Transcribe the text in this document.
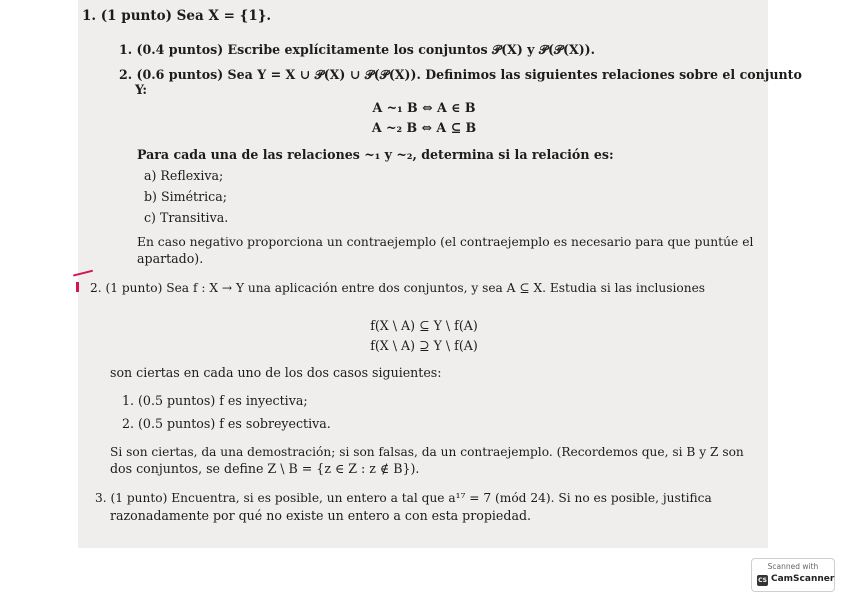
1. (1 punto) Sea X = {1}.
1. (0.4 puntos) Escribe explícitamente los conjuntos 𝒫(X) y 𝒫(𝒫(X)).
2. (0.6 puntos) Sea Y = X ∪ 𝒫(X) ∪ 𝒫(𝒫(X)). Definimos las siguientes relaciones sobre el conjunto
Y:
A ~₁ B ⇔ A ∈ B
A ~₂ B ⇔ A ⊆ B
Para cada una de las relaciones ~₁ y ~₂, determina si la relación es:
a) Reflexiva;
b) Simétrica;
c) Transitiva.
En caso negativo proporciona un contraejemplo (el contraejemplo es necesario para que puntúe el
apartado).
2. (1 punto) Sea f : X → Y una aplicación entre dos conjuntos, y sea A ⊆ X. Estudia si las inclusiones
f(X \ A) ⊆ Y \ f(A)
f(X \ A) ⊇ Y \ f(A)
son ciertas en cada uno de los dos casos siguientes:
1. (0.5 puntos) f es inyectiva;
2. (0.5 puntos) f es sobreyectiva.
Si son ciertas, da una demostración; si son falsas, da un contraejemplo. (Recordemos que, si B y Z son
dos conjuntos, se define Z \ B = {z ∈ Z : z ∉ B}).
3. (1 punto) Encuentra, si es posible, un entero a tal que a¹⁷ = 7 (mód 24). Si no es posible, justifica
razonadamente por qué no existe un entero a con esta propiedad.
Scanned with
CS CamScanner
